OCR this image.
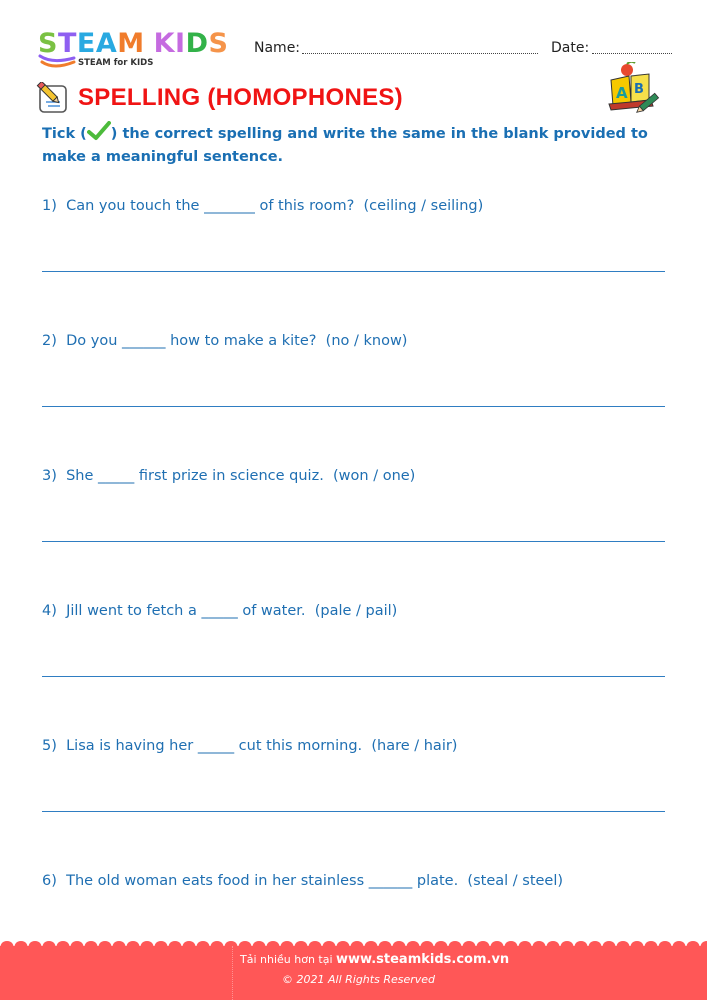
STEAM KIDS
STEAM for KIDS
Name:	Date:
SPELLING (HOMOPHONES)	A B
Tick ( ) the correct spelling and write the same in the blank provided to make a meaningful sentence.
1)  Can you touch the _______ of this room?  (ceiling / seiling)
2)  Do you ______ how to make a kite?  (no / know)
3)  She _____ first prize in science quiz.  (won / one)
4)  Jill went to fetch a _____ of water.  (pale / pail)
5)  Lisa is having her _____ cut this morning.  (hare / hair)
6)  The old woman eats food in her stainless ______ plate.  (steal / steel)
Tải nhiều hơn tại www.steamkids.com.vn
© 2021 All Rights Reserved
